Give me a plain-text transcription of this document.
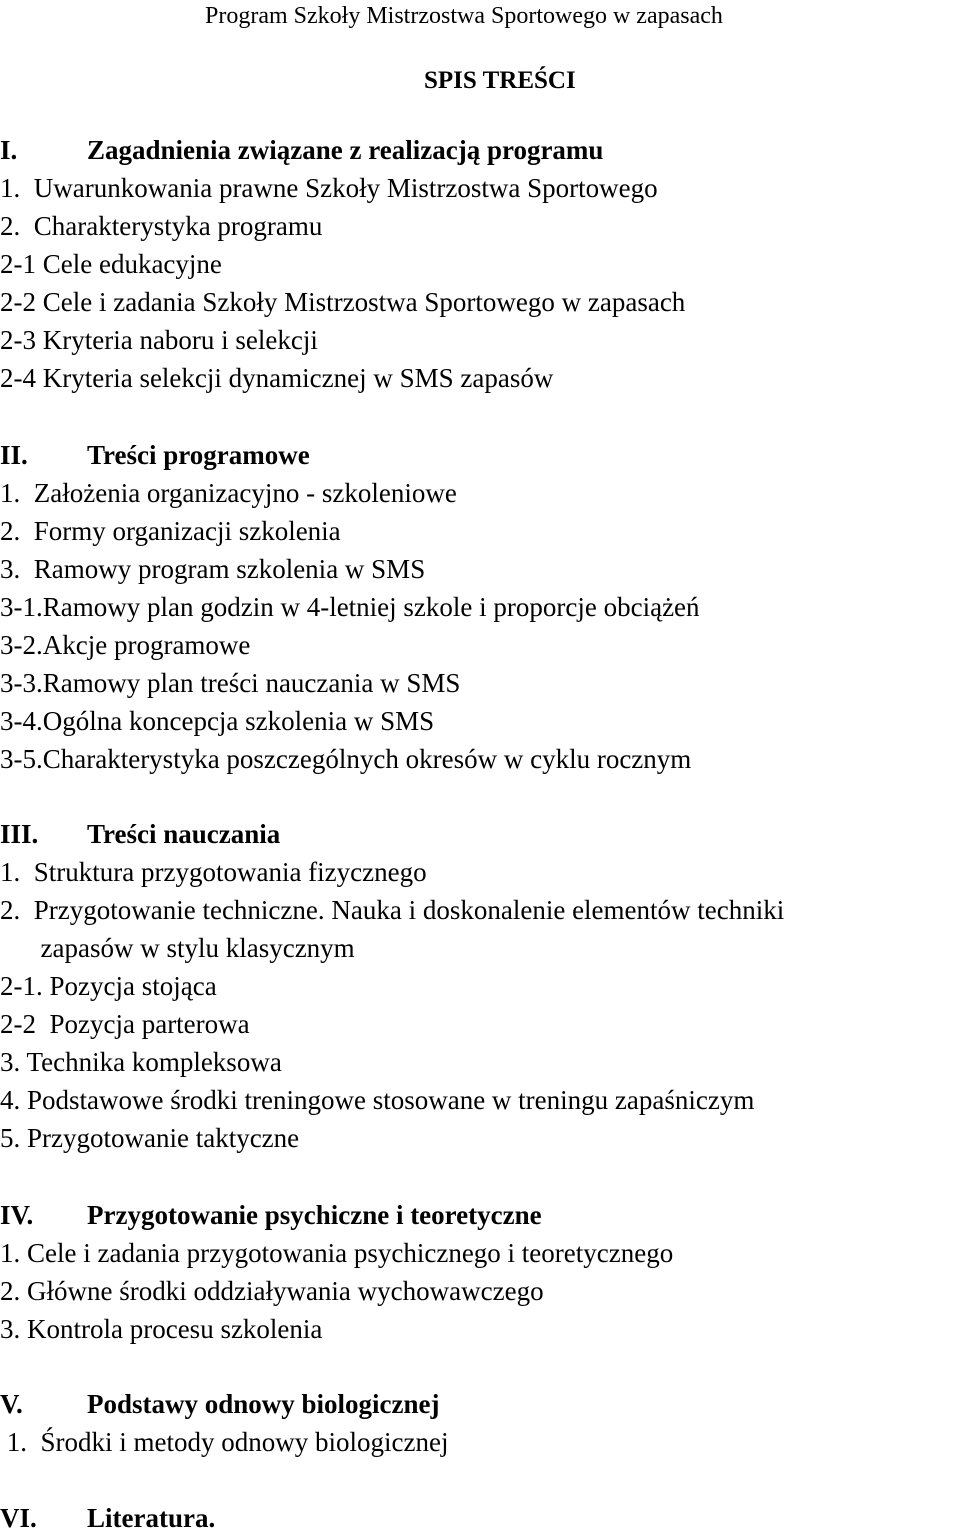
Program Szkoły Mistrzostwa Sportowego w zapasach
SPIS TREŚCI
I.	Zagadnienia związane z realizacją programu
1.  Uwarunkowania prawne Szkoły Mistrzostwa Sportowego
2.  Charakterystyka programu
2-1 Cele edukacyjne
2-2 Cele i zadania Szkoły Mistrzostwa Sportowego w zapasach
2-3 Kryteria naboru i selekcji
2-4 Kryteria selekcji dynamicznej w SMS zapasów
II. Treści programowe
1.  Założenia organizacyjno - szkoleniowe
2.  Formy organizacji szkolenia
3.  Ramowy program szkolenia w SMS
3-1.Ramowy plan godzin w 4-letniej szkole i proporcje obciążeń
3-2.Akcje programowe
3-3.Ramowy plan treści nauczania w SMS
3-4.Ogólna koncepcja szkolenia w SMS
3-5.Charakterystyka poszczególnych okresów w cyklu rocznym
III. Treści nauczania
1.  Struktura przygotowania fizycznego
2.  Przygotowanie techniczne. Nauka i doskonalenie elementów techniki
zapasów w stylu klasycznym
2-1. Pozycja stojąca
2-2  Pozycja parterowa
3. Technika kompleksowa
4. Podstawowe środki treningowe stosowane w treningu zapaśniczym
5. Przygotowanie taktyczne
IV. Przygotowanie psychiczne i teoretyczne
1. Cele i zadania przygotowania psychicznego i teoretycznego
2. Główne środki oddziaływania wychowawczego
3. Kontrola procesu szkolenia
V. Podstawy odnowy biologicznej
1.  Środki i metody odnowy biologicznej
VI. Literatura.
